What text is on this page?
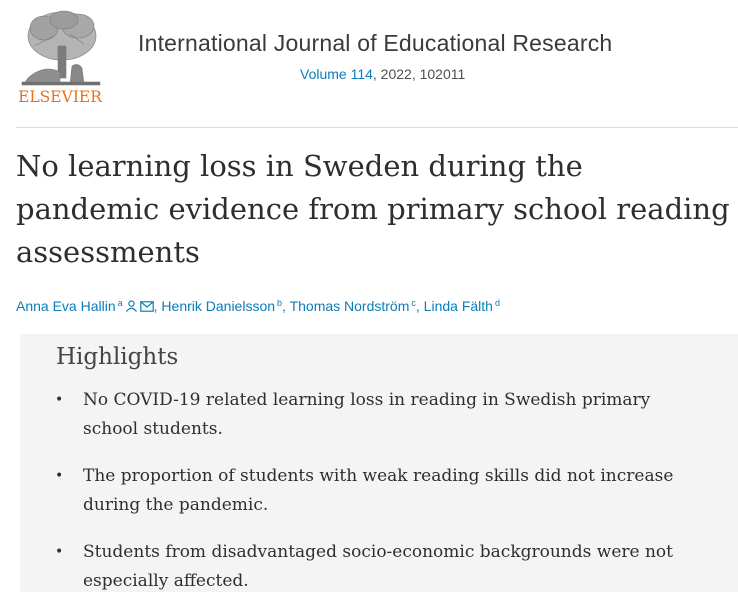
ELSEVIER
International Journal of Educational Research
Volume 114, 2022, 102011
No learning loss in Sweden during the pandemic evidence from primary school reading assessments
Anna Eva Hallin $^a$ , Henrik Danielsson $^b$, Thomas Nordström $^c$, Linda Fälth $^d$
Highlights
• No COVID-19 related learning loss in reading in Swedish primary school students.
• The proportion of students with weak reading skills did not increase during the pandemic.
• Students from disadvantaged socio-economic backgrounds were not especially affected.
